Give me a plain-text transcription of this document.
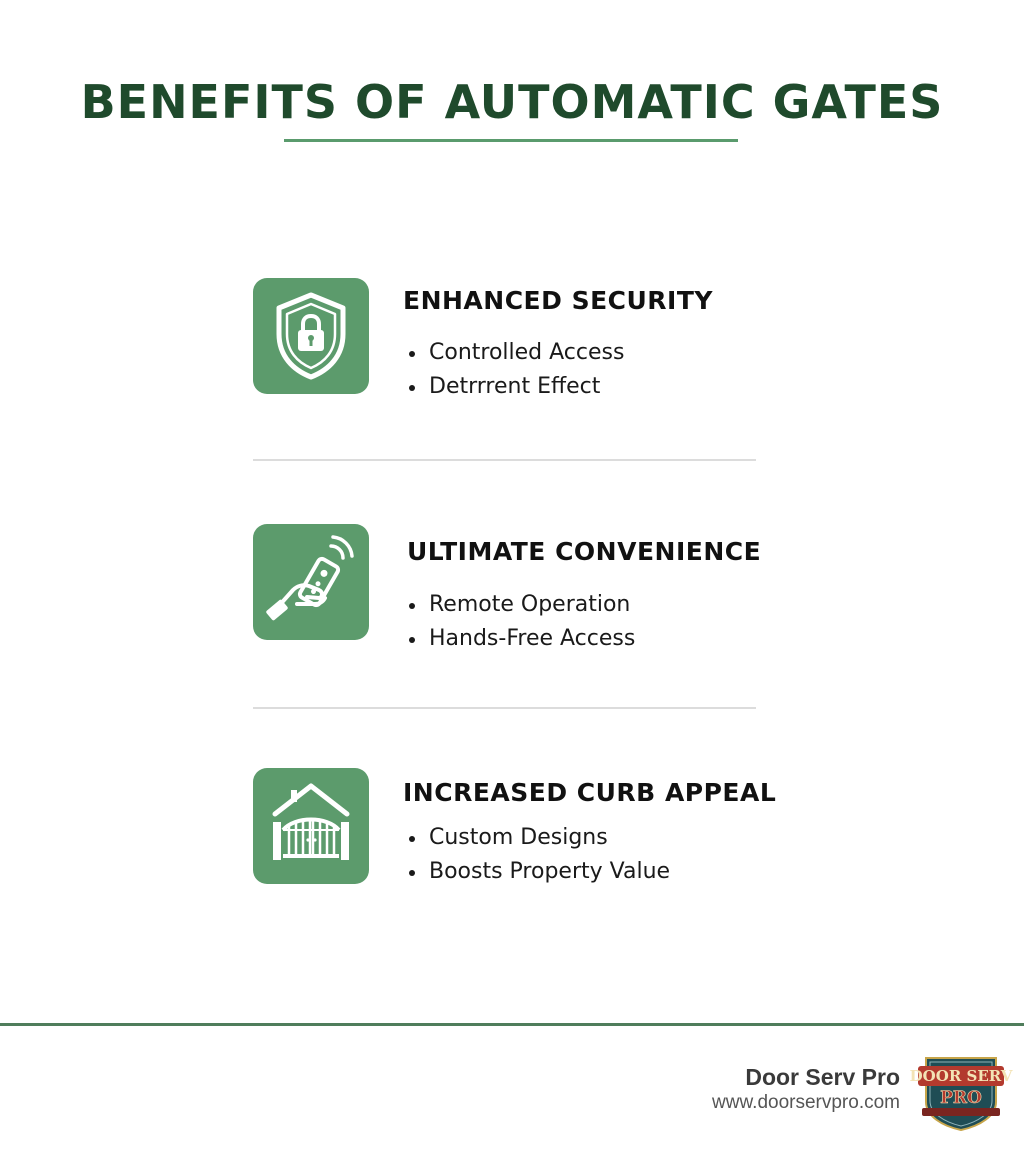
BENEFITS OF AUTOMATIC GATES
ENHANCED SECURITY
Controlled Access
Detrrrent Effect
ULTIMATE CONVENIENCE
Remote Operation
Hands-Free Access
INCREASED CURB APPEAL
Custom Designs
Boosts Property Value
Door Serv Pro
www.doorservpro.com
DOOR SERV
PRO
